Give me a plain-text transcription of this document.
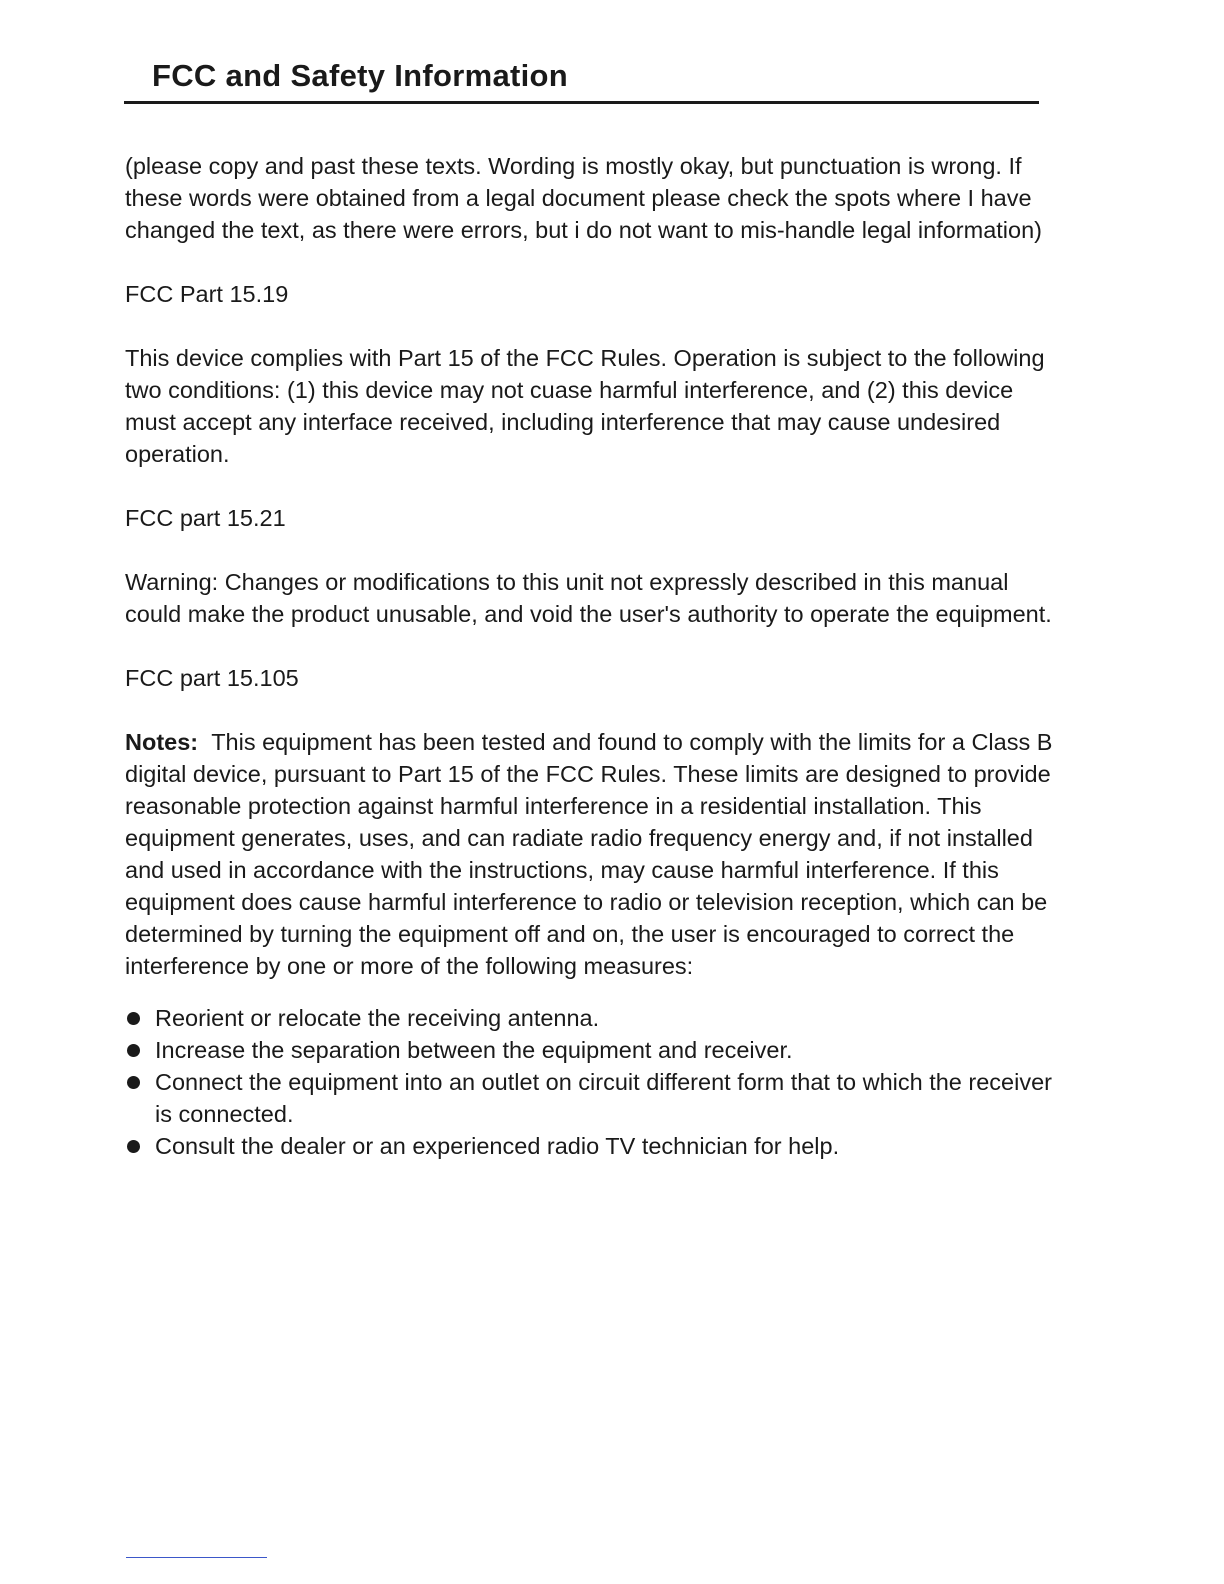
FCC and Safety Information

(please copy and past these texts. Wording is mostly okay, but punctuation is wrong. If these words were obtained from a legal document please check the spots where I have changed the text, as there were errors, but i do not want to mis-handle legal information)

FCC Part 15.19

This device complies with Part 15 of the FCC Rules. Operation is subject to the following two conditions: (1) this device may not cuase harmful interference, and (2) this device must accept any interface received, including interference that may cause undesired operation.

FCC part 15.21

Warning: Changes or modifications to this unit not expressly described in this manual could make the product unusable, and void the user's authority to operate the equipment.

FCC part 15.105

Notes: This equipment has been tested and found to comply with the limits for a Class B digital device, pursuant to Part 15 of the FCC Rules. These limits are designed to provide reasonable protection against harmful interference in a residential installation. This equipment generates, uses, and can radiate radio frequency energy and, if not installed and used in accordance with the instructions, may cause harmful interference. If this equipment does cause harmful interference to radio or television reception, which can be determined by turning the equipment off and on, the user is encouraged to correct the interference by one or more of the following measures:

Reorient or relocate the receiving antenna.
Increase the separation between the equipment and receiver.
Connect the equipment into an outlet on circuit different form that to which the receiver is connected.
Consult the dealer or an experienced radio TV technician for help.
